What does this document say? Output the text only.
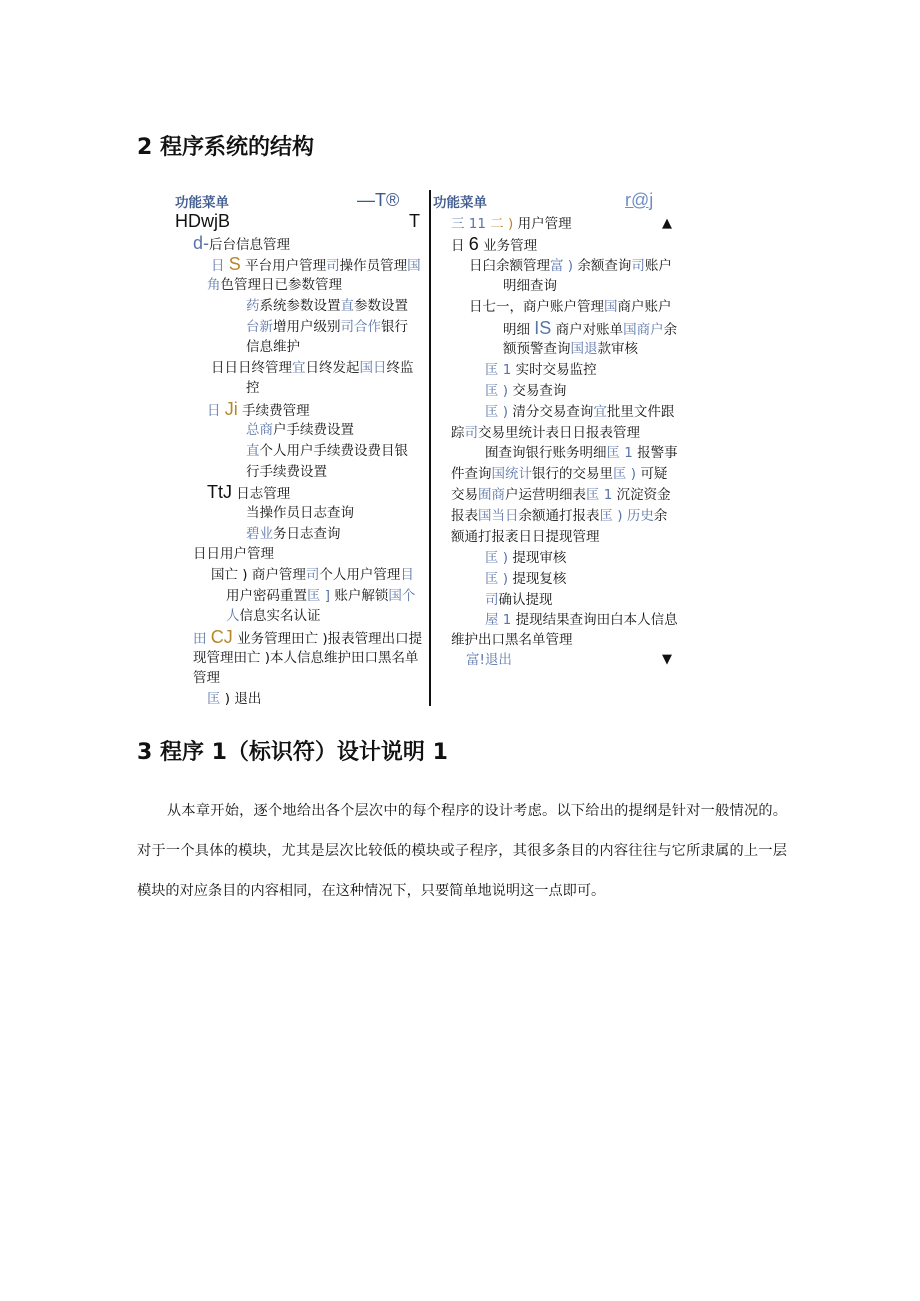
2 程序系统的结构
功能菜单	—T®
HDwjB	T
d-后台信息管理
日 S 平台用户管理司操作员管理国
角色管理日已参数管理
药系统参数设置直参数设置
台新增用户级别司合作银行
信息维护
日日日终管理宜日终发起国日终监
控
日 Ji 手续费管理
总商户手续费设置
直个人用户手续费设费目银
行手续费设置
TtJ 日志管理
当操作员日志查询
碧业务日志查询
日日用户管理
国亡 ) 商户管理司个人用户管理目
用户密码重置匡 ] 账户解锁国个
人信息实名认证
田 CJ 业务管理田亡 )报表管理出口提
现管理田亡 )本人信息维护田口黑名单
管理
匡 ) 退出
功能菜单	r@j
▲
三 11 二 ) 用户管理
日 6 业务管理
日臼余额管理富 ) 余额查询司账户
明细查询
日七一，商户账户管理国商户账户
明细 IS 商户对账单国商户余
额预警查询国退款审核
匡 1 实时交易监控
匡 ) 交易查询
匡 ) 清分交易查询宜批里文件跟
踪司交易里统计表日日报表管理
囿查询银行账务明细匡 1 报警事
件查询国统计银行的交易里匡 ) 可疑
交易囿商户运营明细表匡 1 沉淀资金
报表国当日余额通打报表匡 ) 历史余
额通打报袤日日提现管理
匡 ) 提现审核
匡 ) 提现复核
司确认提现
屋 1 提现结果查询田白本人信息
维护出口黑名单管理
富!退出	▼
3 程序 1（标识符）设计说明 1
从本章开始，逐个地给出各个层次中的每个程序的设计考虑。以下给出的提纲是针对一般情况的。对于一个具体的模块，尤其是层次比较低的模块或子程序，其很多条目的内容往往与它所隶属的上一层模块的对应条目的内容相同，在这种情况下，只要简单地说明这一点即可。
